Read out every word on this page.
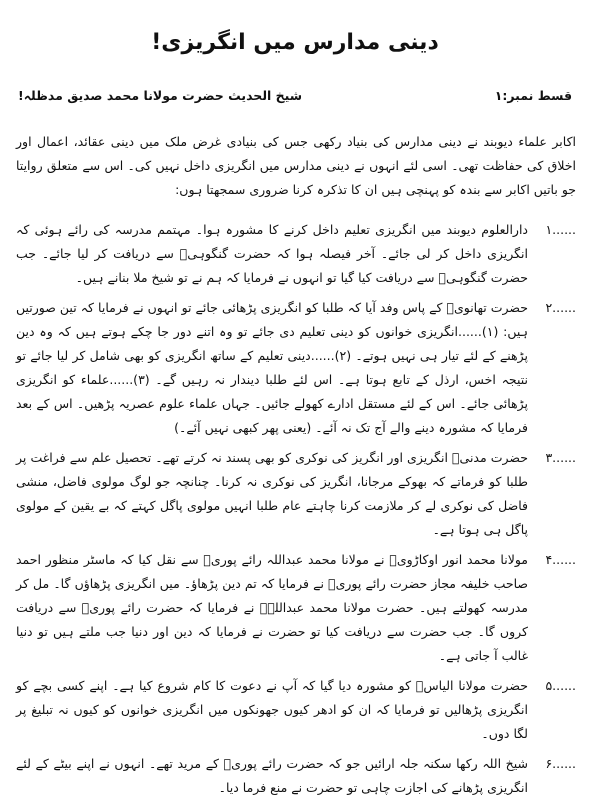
دینی مدارس میں انگریزی!
قسط نمبر:۱
شیخ الحدیث حضرت مولانا محمد صدیق مدظلہ!
اکابر علماء دیوبند نے دینی مدارس کی بنیاد رکھی جس کی بنیادی غرض ملک میں دینی عقائد، اعمال اور اخلاق کی حفاظت تھی۔ اسی لئے انہوں نے دینی مدارس میں انگریزی داخل نہیں کی۔ اس سے متعلق روایتا جو باتیں اکابر سے بندہ کو پہنچی ہیں ان کا تذکرہ کرنا ضروری سمجھتا ہوں:
۱......
دارالعلوم دیوبند میں انگریزی تعلیم داخل کرنے کا مشورہ ہوا۔ مہتمم مدرسہ کی رائے ہوئی کہ انگریزی داخل کر لی جائے۔ آخر فیصلہ ہوا کہ حضرت گنگوہیؒ سے دریافت کر لیا جائے۔ جب حضرت گنگوہیؒ سے دریافت کیا گیا تو انہوں نے فرمایا کہ ہم نے تو شیخ ملا بنانے ہیں۔
۲......
حضرت تھانویؒ کے پاس وفد آیا کہ طلبا کو انگریزی پڑھائی جائے تو انہوں نے فرمایا کہ تین صورتیں ہیں: (۱)......انگریزی خوانوں کو دینی تعلیم دی جائے تو وہ اتنے دور جا چکے ہوتے ہیں کہ وہ دین پڑھنے کے لئے تیار ہی نہیں ہوتے۔ (۲)......دینی تعلیم کے ساتھ انگریزی کو بھی شامل کر لیا جائے تو نتیجہ اخس، ارذل کے تابع ہوتا ہے۔ اس لئے طلبا دیندار نہ رہیں گے۔ (۳)......علماء کو انگریزی پڑھائی جائے۔ اس کے لئے مستقل ادارے کھولے جائیں۔ جہاں علماء علوم عصریہ پڑھیں۔ اس کے بعد فرمایا کہ مشورہ دینے والے آج تک نہ آئے۔ (یعنی پھر کبھی نہیں آئے۔)
۳......
حضرت مدنیؒ انگریزی اور انگریز کی نوکری کو بھی پسند نہ کرتے تھے۔ تحصیل علم سے فراغت پر طلبا کو فرماتے کہ بھوکے مرجانا، انگریز کی نوکری نہ کرنا۔ چنانچہ جو لوگ مولوی فاضل، منشی فاضل کی نوکری لے کر ملازمت کرنا چاہتے عام طلبا انہیں مولوی پاگل کہتے کہ بے یقین کے مولوی پاگل ہی ہوتا ہے۔
۴......
مولانا محمد انور اوکاڑویؒ نے مولانا محمد عبداللہ رائے پوریؒ سے نقل کیا کہ ماسٹر منظور احمد صاحب خلیفہ مجاز حضرت رائے پوریؒ نے فرمایا کہ تم دین پڑھاؤ۔ میں انگریزی پڑھاؤں گا۔ مل کر مدرسہ کھولتے ہیں۔ حضرت مولانا محمد عبداللہؒ نے فرمایا کہ حضرت رائے پوریؒ سے دریافت کروں گا۔ جب حضرت سے دریافت کیا تو حضرت نے فرمایا کہ دین اور دنیا جب ملتے ہیں تو دنیا غالب آ جاتی ہے۔
۵......
حضرت مولانا الیاسؒ کو مشورہ دیا گیا کہ آپ نے دعوت کا کام شروع کیا ہے۔ اپنے کسی بچے کو انگریزی پڑھالیں تو فرمایا کہ ان کو ادھر کیوں جھونکوں میں انگریزی خوانوں کو کیوں نہ تبلیغ پر لگا دوں۔
۶......
شیخ اللہ رکھا سکنہ جلہ ارائیں جو کہ حضرت رائے پوریؒ کے مرید تھے۔ انہوں نے اپنے بیٹے کے لئے انگریزی پڑھانے کی اجازت چاہی تو حضرت نے منع فرما دیا۔
